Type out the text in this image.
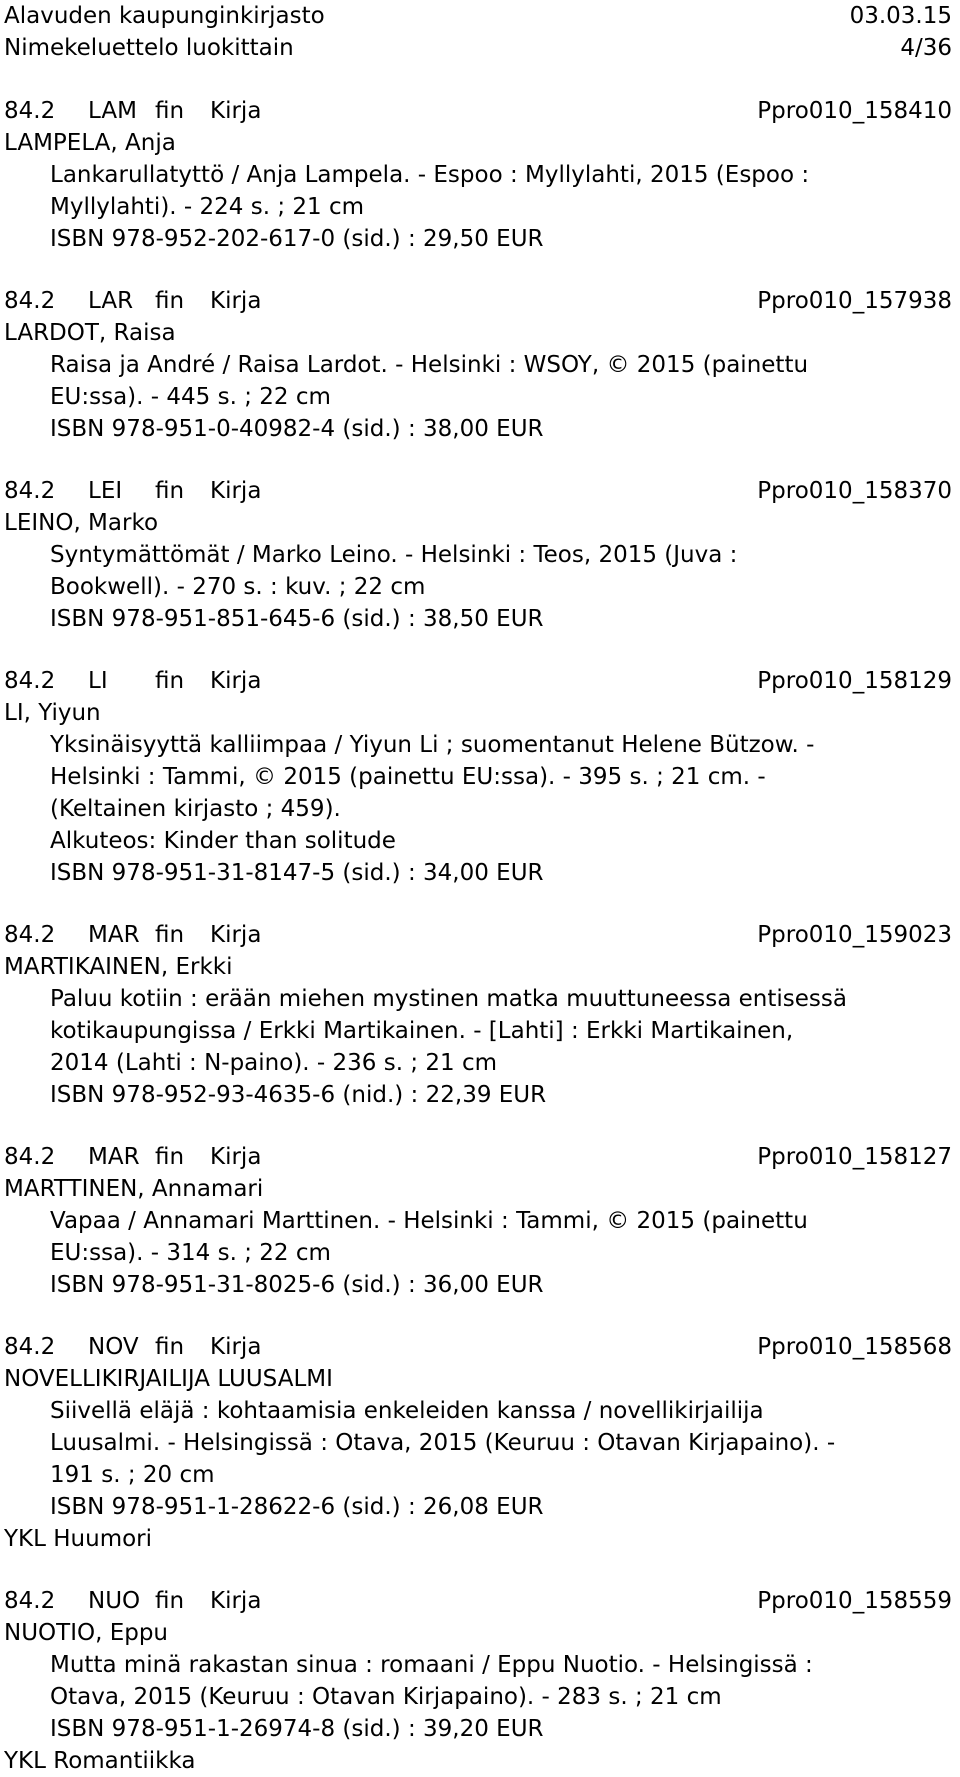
Alavuden kaupunginkirjasto	03.03.15
Nimekeluettelo luokittain	4/36
84.2	LAM fin	Kirja	Ppro010_158410
LAMPELA, Anja
Lankarullatyttö / Anja Lampela. - Espoo : Myllylahti, 2015 (Espoo :
Myllylahti). - 224 s. ; 21 cm
ISBN 978-952-202-617-0 (sid.) : 29,50 EUR
84.2	LAR fin	Kirja	Ppro010_157938
LARDOT, Raisa
Raisa ja André / Raisa Lardot. - Helsinki : WSOY, © 2015 (painettu
EU:ssa). - 445 s. ; 22 cm
ISBN 978-951-0-40982-4 (sid.) : 38,00 EUR
84.2	LEI	fin	Kirja	Ppro010_158370
LEINO, Marko
Syntymättömät / Marko Leino. - Helsinki : Teos, 2015 (Juva :
Bookwell). - 270 s. : kuv. ; 22 cm
ISBN 978-951-851-645-6 (sid.) : 38,50 EUR
84.2	LI	fin	Kirja	Ppro010_158129
LI, Yiyun
Yksinäisyyttä kalliimpaa / Yiyun Li ; suomentanut Helene Bützow. -
Helsinki : Tammi, © 2015 (painettu EU:ssa). - 395 s. ; 21 cm. -
(Keltainen kirjasto ; 459).
Alkuteos: Kinder than solitude
ISBN 978-951-31-8147-5 (sid.) : 34,00 EUR
84.2	MAR fin	Kirja	Ppro010_159023
MARTIKAINEN, Erkki
Paluu kotiin : erään miehen mystinen matka muuttuneessa entisessä
kotikaupungissa / Erkki Martikainen. - [Lahti] : Erkki Martikainen,
2014 (Lahti : N-paino). - 236 s. ; 21 cm
ISBN 978-952-93-4635-6 (nid.) : 22,39 EUR
84.2	MAR fin	Kirja	Ppro010_158127
MARTTINEN, Annamari
Vapaa / Annamari Marttinen. - Helsinki : Tammi, © 2015 (painettu
EU:ssa). - 314 s. ; 22 cm
ISBN 978-951-31-8025-6 (sid.) : 36,00 EUR
84.2	NOV fin	Kirja	Ppro010_158568
NOVELLIKIRJAILIJA LUUSALMI
Siivellä eläjä : kohtaamisia enkeleiden kanssa / novellikirjailija
Luusalmi. - Helsingissä : Otava, 2015 (Keuruu : Otavan Kirjapaino). -
191 s. ; 20 cm
ISBN 978-951-1-28622-6 (sid.) : 26,08 EUR
YKL Huumori
84.2	NUO fin	Kirja	Ppro010_158559
NUOTIO, Eppu
Mutta minä rakastan sinua : romaani / Eppu Nuotio. - Helsingissä :
Otava, 2015 (Keuruu : Otavan Kirjapaino). - 283 s. ; 21 cm
ISBN 978-951-1-26974-8 (sid.) : 39,20 EUR
YKL Romantiikka
